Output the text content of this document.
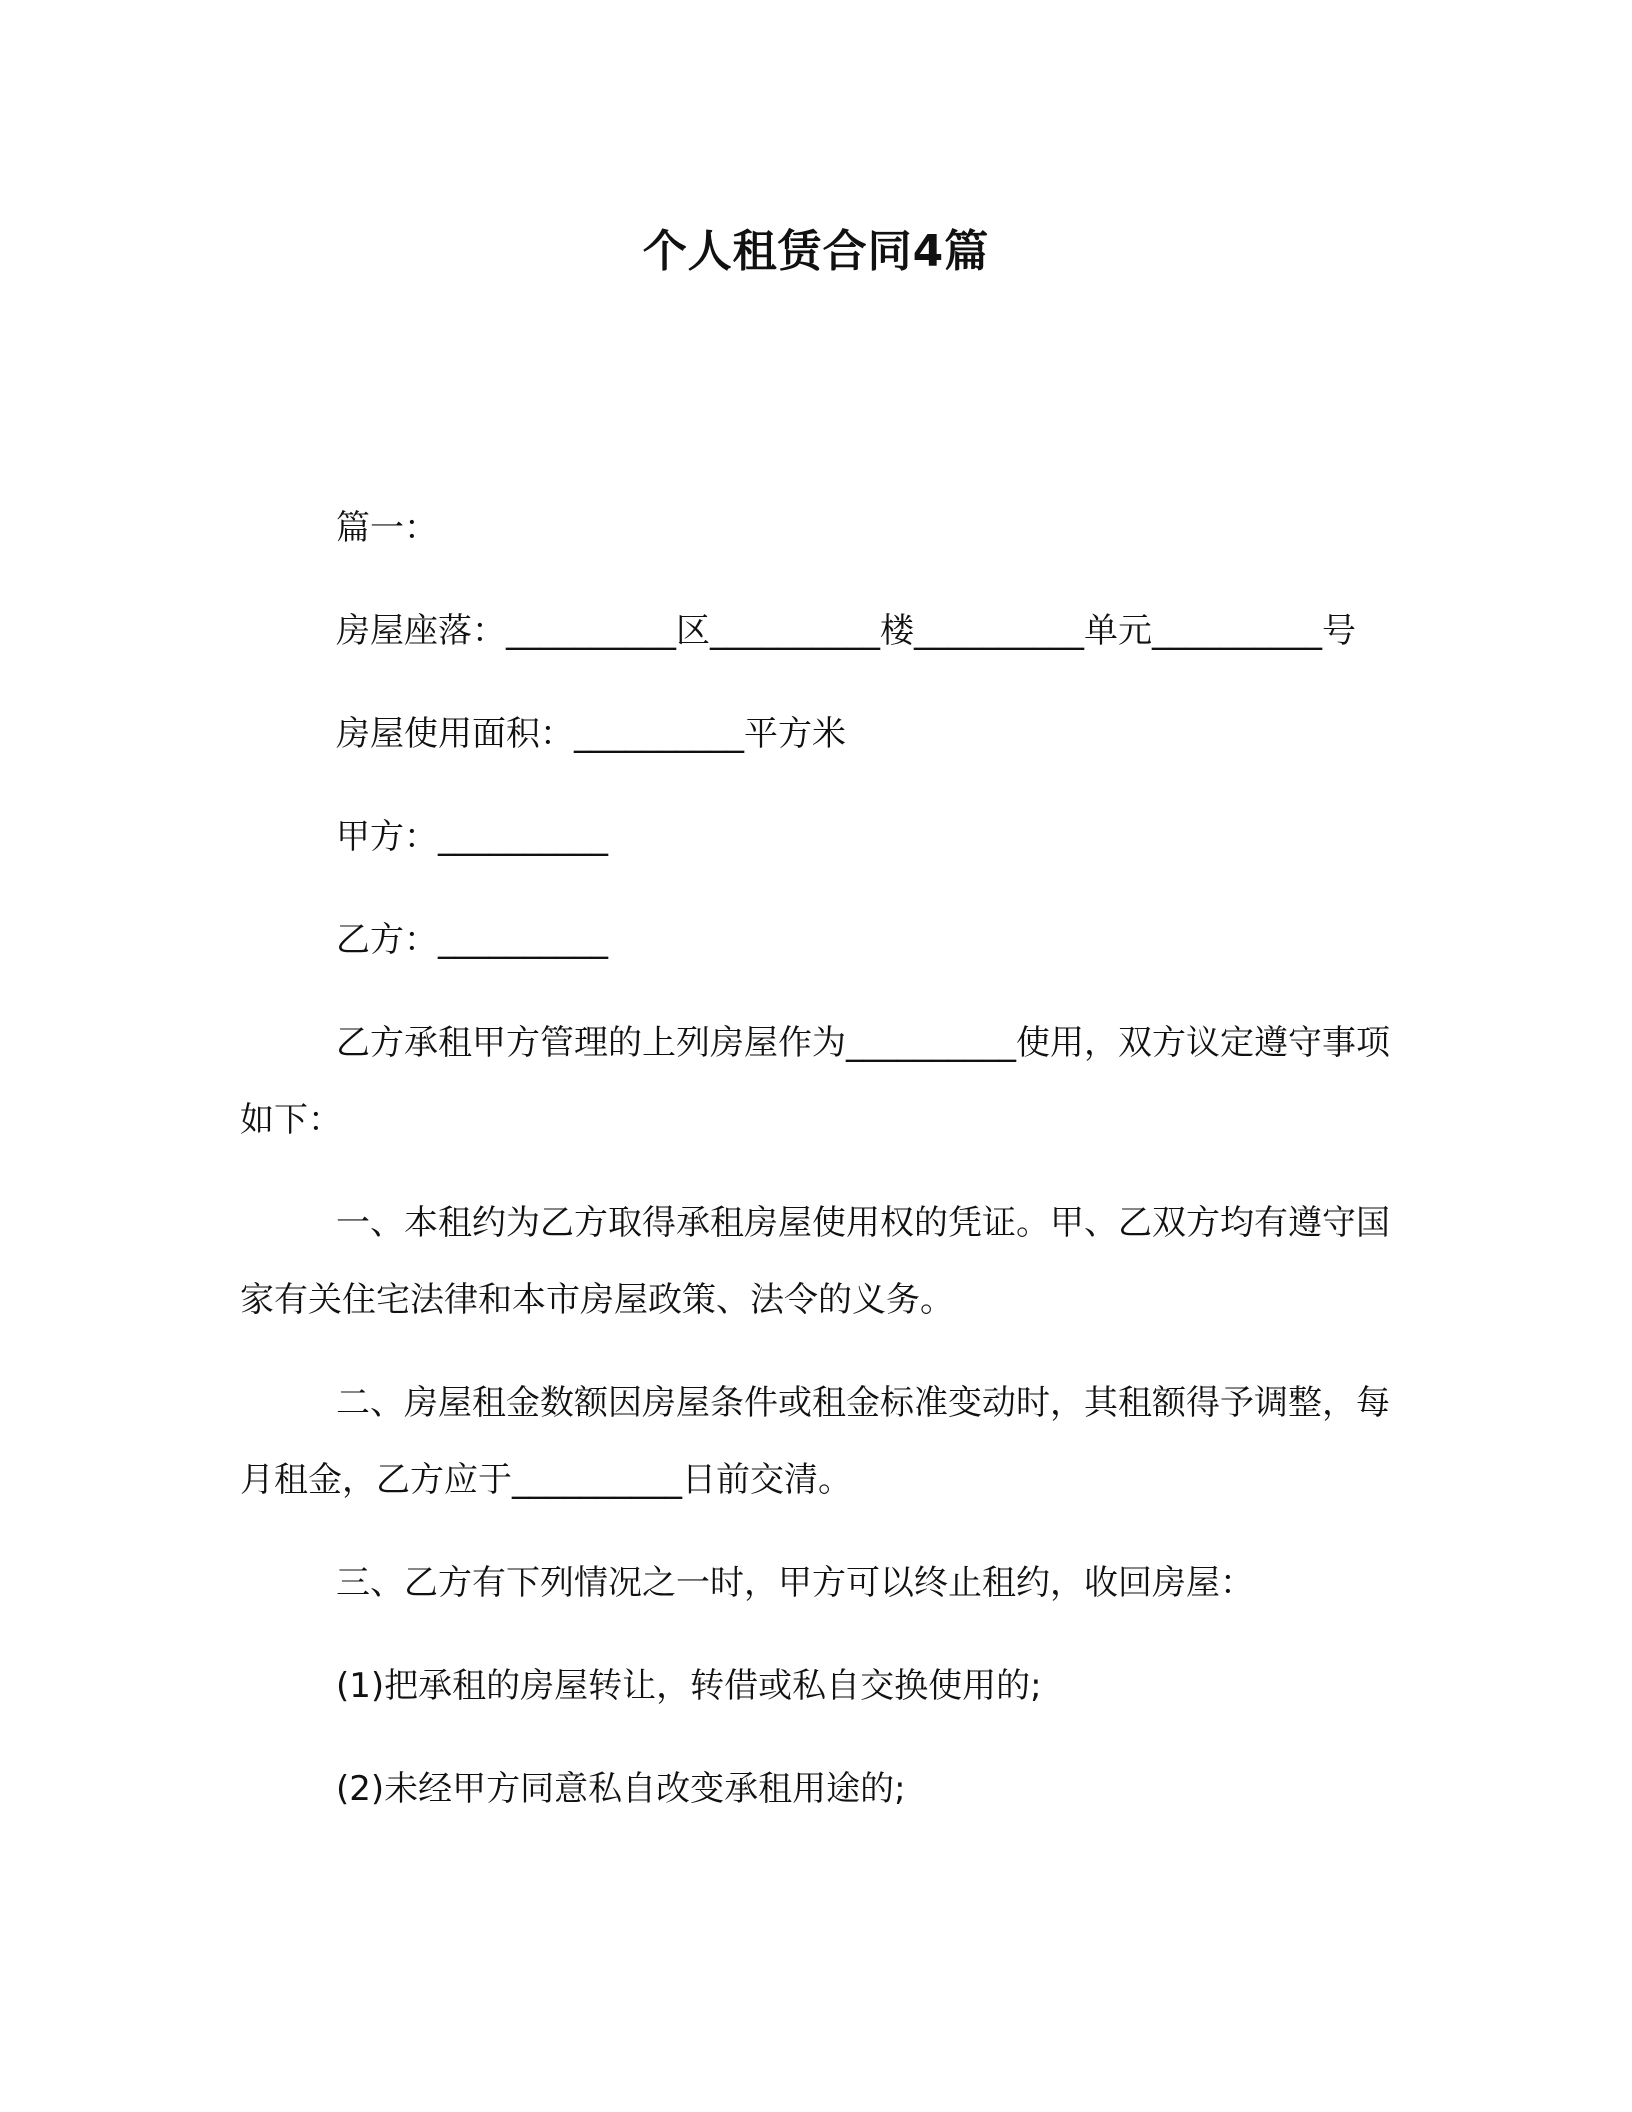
个人租赁合同4篇

篇一：

房屋座落：__________区__________楼__________单元__________号

房屋使用面积：__________平方米

甲方：__________

乙方：__________

乙方承租甲方管理的上列房屋作为__________使用，双方议定遵守事项如下：

一、本租约为乙方取得承租房屋使用权的凭证。甲、乙双方均有遵守国家有关住宅法律和本市房屋政策、法令的义务。

二、房屋租金数额因房屋条件或租金标准变动时，其租额得予调整，每月租金，乙方应于__________日前交清。

三、乙方有下列情况之一时，甲方可以终止租约，收回房屋：

(1)把承租的房屋转让，转借或私自交换使用的;

(2)未经甲方同意私自改变承租用途的;
